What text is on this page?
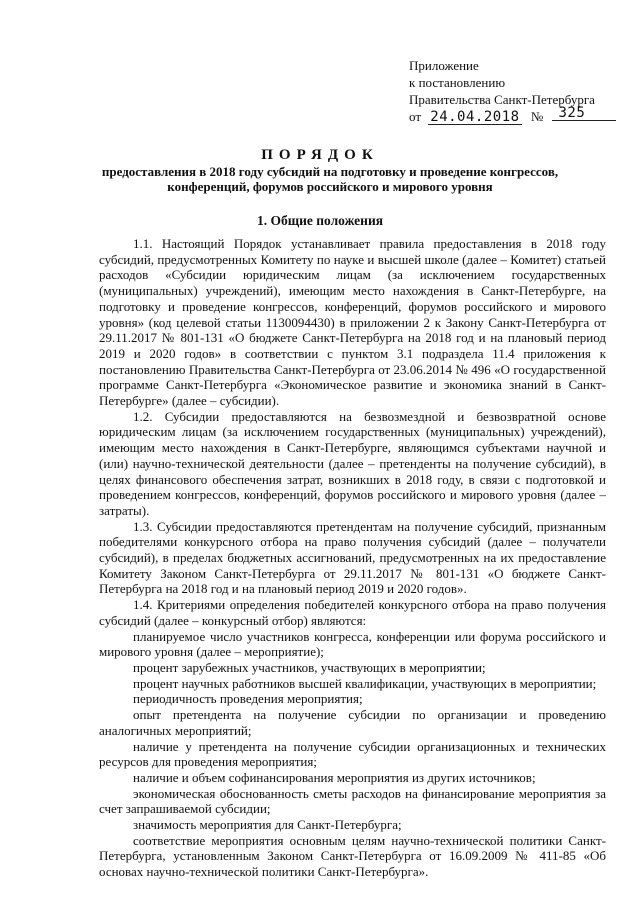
Приложение
к постановлению
Правительства Санкт-Петербурга
от 24.04.2018 № 325
ПОРЯДОК
предоставления в 2018 году субсидий на подготовку и проведение конгрессов, конференций, форумов российского и мирового уровня
1. Общие положения

1.1. Настоящий Порядок устанавливает правила предоставления в 2018 году субсидий, предусмотренных Комитету по науке и высшей школе (далее – Комитет) статьей расходов «Субсидии юридическим лицам (за исключением государственных (муниципальных) учреждений), имеющим место нахождения в Санкт-Петербурге, на подготовку и проведение конгрессов, конференций, форумов российского и мирового уровня» (код целевой статьи 1130094430) в приложении 2 к Закону Санкт-Петербурга от 29.11.2017 № 801-131 «О бюджете Санкт-Петербурга на 2018 год и на плановый период 2019 и 2020 годов» в соответствии с пунктом 3.1 подраздела 11.4 приложения к постановлению Правительства Санкт-Петербурга от 23.06.2014 № 496 «О государственной программе Санкт-Петербурга «Экономическое развитие и экономика знаний в Санкт-Петербурге» (далее – субсидии).

1.2. Субсидии предоставляются на безвозмездной и безвозвратной основе юридическим лицам (за исключением государственных (муниципальных) учреждений), имеющим место нахождения в Санкт-Петербурге, являющимся субъектами научной и (или) научно-технической деятельности (далее – претенденты на получение субсидий), в целях финансового обеспечения затрат, возникших в 2018 году, в связи с подготовкой и проведением конгрессов, конференций, форумов российского и мирового уровня (далее – затраты).

1.3. Субсидии предоставляются претендентам на получение субсидий, признанным победителями конкурсного отбора на право получения субсидий (далее – получатели субсидий), в пределах бюджетных ассигнований, предусмотренных на их предоставление Комитету Законом Санкт-Петербурга от 29.11.2017 № 801-131 «О бюджете Санкт-Петербурга на 2018 год и на плановый период 2019 и 2020 годов».

1.4. Критериями определения победителей конкурсного отбора на право получения субсидий (далее – конкурсный отбор) являются:

планируемое число участников конгресса, конференции или форума российского и мирового уровня (далее – мероприятие);

процент зарубежных участников, участвующих в мероприятии;

процент научных работников высшей квалификации, участвующих в мероприятии;

периодичность проведения мероприятия;

опыт претендента на получение субсидии по организации и проведению аналогичных мероприятий;

наличие у претендента на получение субсидии организационных и технических ресурсов для проведения мероприятия;

наличие и объем софинансирования мероприятия из других источников;

экономическая обоснованность сметы расходов на финансирование мероприятия за счет запрашиваемой субсидии;

значимость мероприятия для Санкт-Петербурга;

соответствие мероприятия основным целям научно-технической политики Санкт-Петербурга, установленным Законом Санкт-Петербурга от 16.09.2009 № 411-85 «Об основах научно-технической политики Санкт-Петербурга».
